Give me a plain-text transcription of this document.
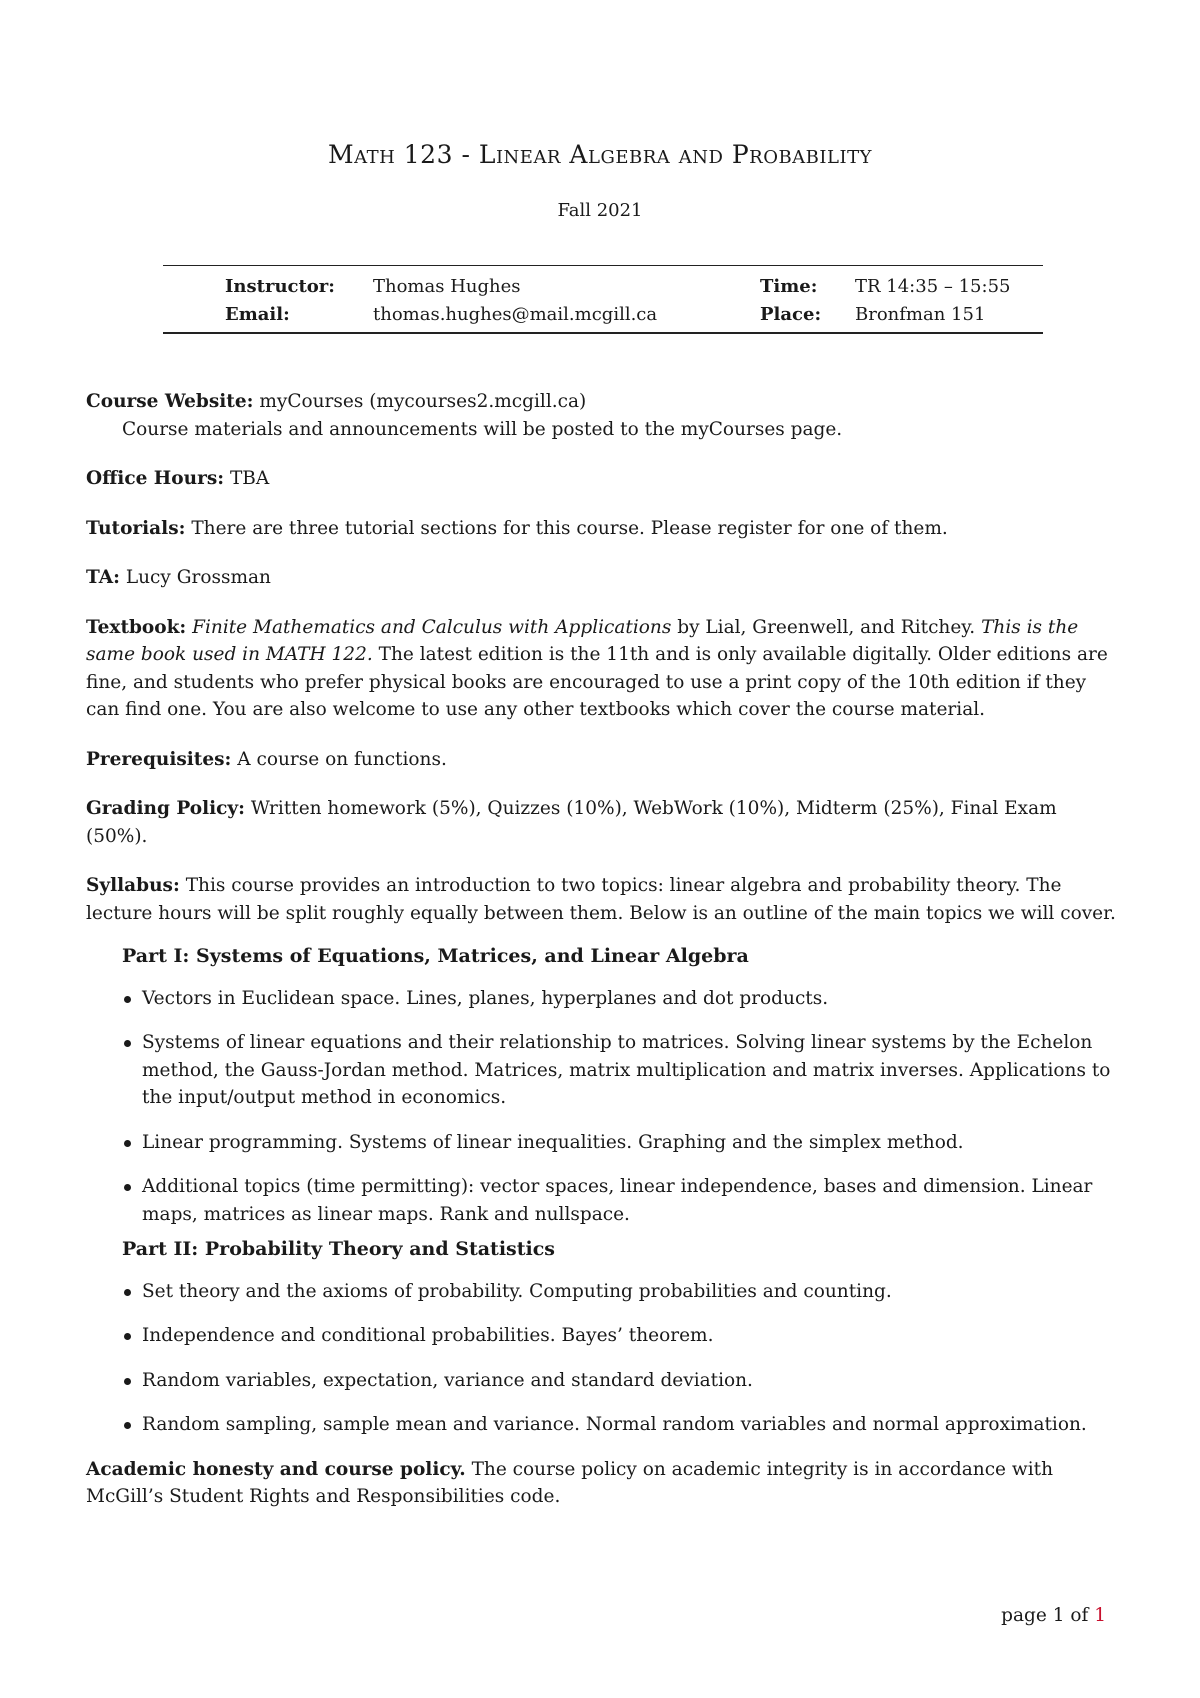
Math 123 - Linear Algebra and Probability
Fall 2021
Instructor: Thomas Hughes	Time: TR 14:35 – 15:55
Email:	thomas.hughes@mail.mcgill.ca	Place: Bronfman 151

Course Website: myCourses (mycourses2.mcgill.ca)
Course materials and announcements will be posted to the myCourses page.

Office Hours: TBA

Tutorials: There are three tutorial sections for this course. Please register for one of them.

TA: Lucy Grossman

Textbook: Finite Mathematics and Calculus with Applications by Lial, Greenwell, and Ritchey. This is the same book used in MATH 122. The latest edition is the 11th and is only available digitally. Older editions are fine, and students who prefer physical books are encouraged to use a print copy of the 10th edition if they can find one. You are also welcome to use any other textbooks which cover the course material.

Prerequisites: A course on functions.

Grading Policy: Written homework (5%), Quizzes (10%), WebWork (10%), Midterm (25%), Final Exam (50%).

Syllabus: This course provides an introduction to two topics: linear algebra and probability theory. The lecture hours will be split roughly equally between them. Below is an outline of the main topics we will cover.

Part I: Systems of Equations, Matrices, and Linear Algebra
Vectors in Euclidean space. Lines, planes, hyperplanes and dot products.
Systems of linear equations and their relationship to matrices. Solving linear systems by the Echelon method, the Gauss-Jordan method. Matrices, matrix multiplication and matrix inverses. Applications to the input/output method in economics.
Linear programming. Systems of linear inequalities. Graphing and the simplex method.
Additional topics (time permitting): vector spaces, linear independence, bases and dimension. Linear maps, matrices as linear maps. Rank and nullspace.
Part II: Probability Theory and Statistics
Set theory and the axioms of probability. Computing probabilities and counting.
Independence and conditional probabilities. Bayes’ theorem.
Random variables, expectation, variance and standard deviation.
Random sampling, sample mean and variance. Normal random variables and normal approximation.

Academic honesty and course policy. The course policy on academic integrity is in accordance with McGill’s Student Rights and Responsibilities code.

page 1 of 1
